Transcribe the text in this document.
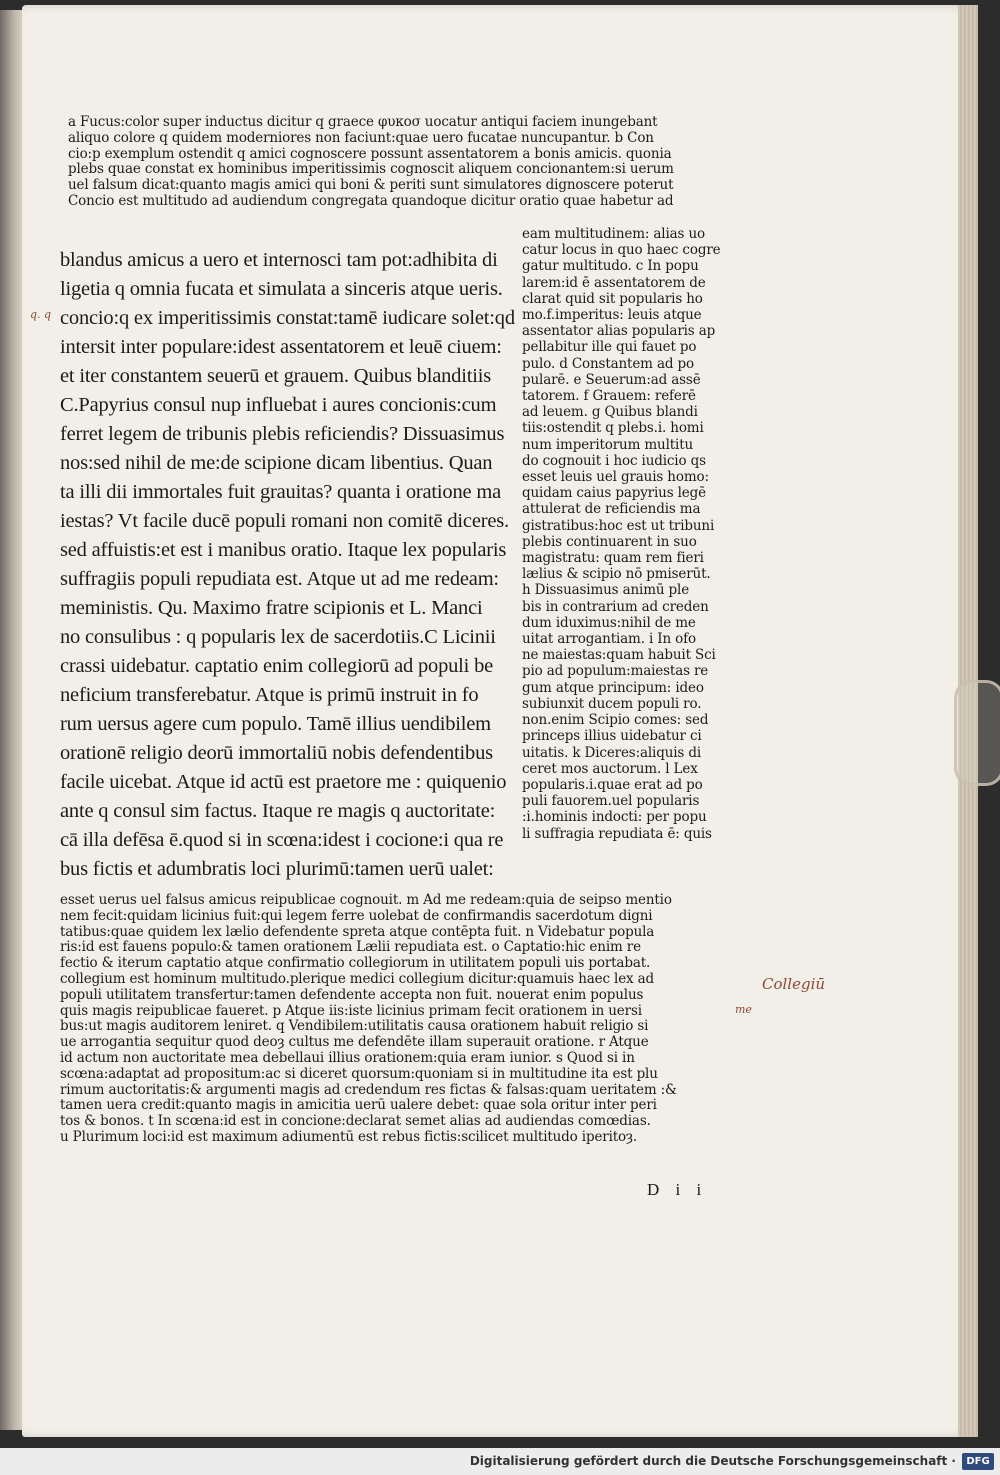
a Fucus:color super inductus dicitur q graece φυκοσ uocatur antiqui faciem inungebant
aliquo colore q quidem moderniores non faciunt:quae uero fucatae nuncupantur. b Con
cio:p exemplum ostendit q amici cognoscere possunt assentatorem a bonis amicis. quonia
plebs quae constat ex hominibus imperitissimis cognoscit aliquem concionantem:si uerum
uel falsum dicat:quanto magis amici qui boni & periti sunt simulatores dignoscere poterut
Concio est multitudo ad audiendum congregata quandoque dicitur oratio quae habetur ad
blandus amicus a uero et internosci tam pot:adhibita di
ligetia q omnia fucata et simulata a sinceris atque ueris.
concio:q ex imperitissimis constat:tamē iudicare solet:qd
intersit inter populare:idest assentatorem et leuē ciuem:
et iter constantem seuerū et grauem. Quibus blanditiis
C.Papyrius consul nup influebat i aures concionis:cum
ferret legem de tribunis plebis reficiendis? Dissuasimus
nos:sed nihil de me:de scipione dicam libentius. Quan
ta illi dii immortales fuit grauitas? quanta i oratione ma
iestas? Vt facile ducē populi romani non comitē diceres.
sed affuistis:et est i manibus oratio. Itaque lex popularis
suffragiis populi repudiata est. Atque ut ad me redeam:
meministis. Qu. Maximo fratre scipionis et L. Manci
no consulibus : q popularis lex de sacerdotiis.C Licinii
crassi uidebatur. captatio enim collegiorū ad populi be
neficium transferebatur. Atque is primū instruit in fo
rum uersus agere cum populo. Tamē illius uendibilem
orationē religio deorū immortaliū nobis defendentibus
facile uicebat. Atque id actū est praetore me : quiquenio
ante q consul sim factus. Itaque re magis q auctoritate:
cā illa defēsa ē.quod si in scœna:idest i cocione:i qua re
bus fictis et adumbratis loci plurimū:tamen uerū ualet:
eam multitudinem: alias uo
catur locus in quo haec cogre
gatur multitudo. c In popu
larem:id ē assentatorem de
clarat quid sit popularis ho
mo.f.imperitus: leuis atque
assentator alias popularis ap
pellabitur ille qui fauet po
pulo. d Constantem ad po
pularē. e Seuerum:ad assē
tatorem. f Grauem: referē
ad leuem. g Quibus blandi
tiis:ostendit q plebs.i. homi
num imperitorum multitu
do cognouit i hoc iudicio qs
esset leuis uel grauis homo:
quidam caius papyrius legē
attulerat de reficiendis ma
gistratibus:hoc est ut tribuni
plebis continuarent in suo
magistratu: quam rem fieri
lælius & scipio nō pmiserūt.
h Dissuasimus animū ple
bis in contrarium ad creden
dum iduximus:nihil de me
uitat arrogantiam. i In ofo
ne maiestas:quam habuit Sci
pio ad populum:maiestas re
gum atque principum: ideo
subiunxit ducem populi ro.
non.enim Scipio comes: sed
princeps illius uidebatur ci
uitatis. k Diceres:aliquis di
ceret mos auctorum. l Lex
popularis.i.quae erat ad po
puli fauorem.uel popularis
:i.hominis indocti: per popu
li suffragia repudiata ē: quis
esset uerus uel falsus amicus reipublicae cognouit. m Ad me redeam:quia de seipso mentio
nem fecit:quidam licinius fuit:qui legem ferre uolebat de confirmandis sacerdotum digni
tatibus:quae quidem lex lælio defendente spreta atque contēpta fuit. n Videbatur popula
ris:id est fauens populo:& tamen orationem Lælii repudiata est. o Captatio:hic enim re
fectio & iterum captatio atque confirmatio collegiorum in utilitatem populi uis portabat.
collegium est hominum multitudo.plerique medici collegium dicitur:quamuis haec lex ad
populi utilitatem transfertur:tamen defendente accepta non fuit. nouerat enim populus
quis magis reipublicae faueret. p Atque iis:iste licinius primam fecit orationem in uersi
bus:ut magis auditorem leniret. q Vendibilem:utilitatis causa orationem habuit religio si
ue arrogantia sequitur quod deoȝ cultus me defendēte illam superauit oratione. r Atque
id actum non auctoritate mea debellaui illius orationem:quia eram iunior. s Quod si in
scœna:adaptat ad propositum:ac si diceret quorsum:quoniam si in multitudine ita est plu
rimum auctoritatis:& argumenti magis ad credendum res fictas & falsas:quam ueritatem :&
tamen uera credit:quanto magis in amicitia uerū ualere debet: quae sola oritur inter peri
tos & bonos. t In scœna:id est in concione:declarat semet alias ad audiendas comœdias.
u Plurimum loci:id est maximum adiumentū est rebus fictis:scilicet multitudo iperitoȝ.
D i i
q. q
Collegiū
me
Digitalisierung gefördert durch die Deutsche Forschungsgemeinschaft ·	DFG
